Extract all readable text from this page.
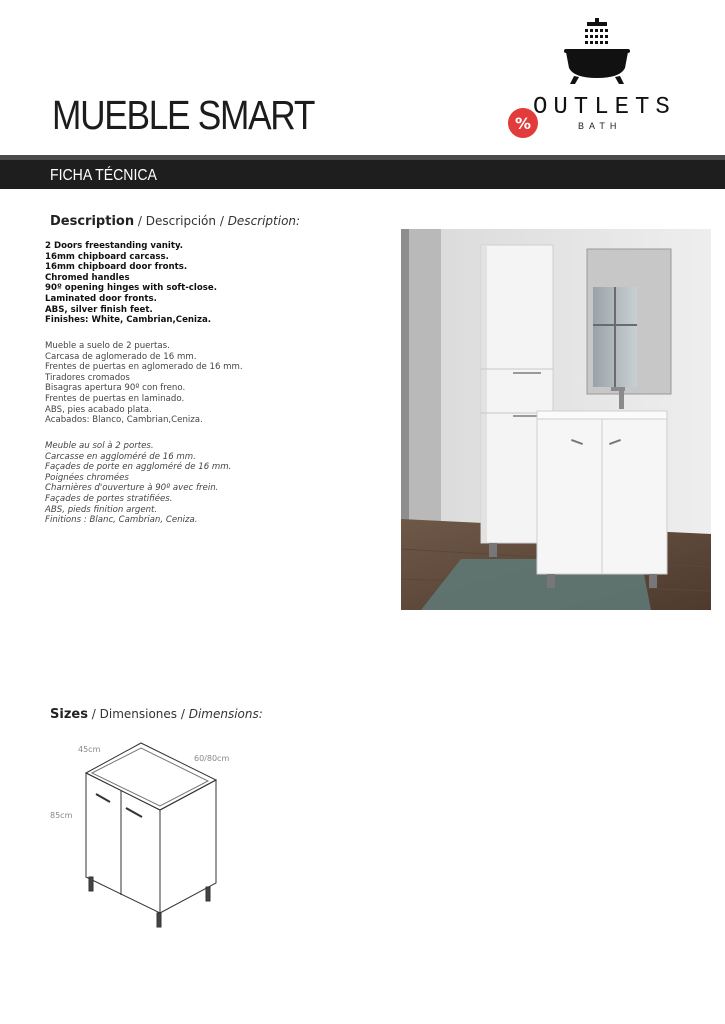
MUEBLE SMART	%
OUTLETS
BATH
FICHA TÉCNICA
Description / Descripción / Description:
2 Doors freestanding vanity.
16mm chipboard carcass.
16mm chipboard door fronts.
Chromed handles
90º opening hinges with soft-close.
Laminated door fronts.
ABS, silver finish feet.
Finishes: White, Cambrian,Ceniza.
Mueble a suelo de 2 puertas.
Carcasa de aglomerado de 16 mm.
Frentes de puertas en aglomerado de 16 mm.
Tiradores cromados
Bisagras apertura 90º con freno.
Frentes de puertas en laminado.
ABS, pies acabado plata.
Acabados: Blanco, Cambrian,Ceniza.
Meuble au sol à 2 portes.
Carcasse en aggloméré de 16 mm.
Façades de porte en aggloméré de 16 mm.
Poignées chromées
Charnières d'ouverture à 90º avec frein.
Façades de portes stratifiées.
ABS, pieds finition argent.
Finitions : Blanc, Cambrian, Ceniza.
Sizes / Dimensiones / Dimensions:
45cm
60/80cm
85cm
